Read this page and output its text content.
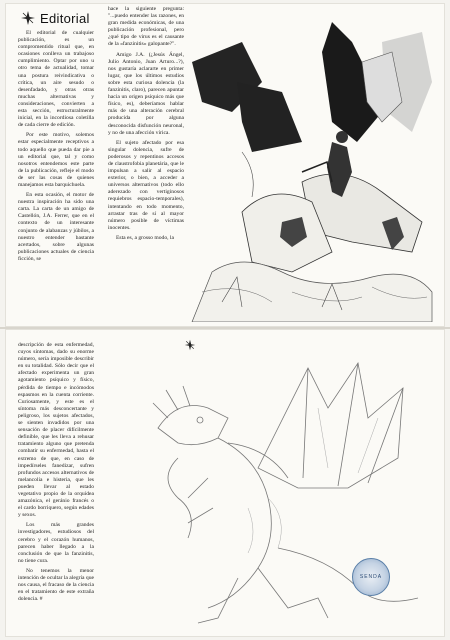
Editorial

El editorial de cualquier publicación, es un compromentido ritual que, en ocasiones conlleva un trabajoso cumplimiento. Optar por uno u otro tema de actualidad, tomar una postura reivindicativa o crítica, un aire sesudo o desenfadado, y otras otras muchas alternativas y consideraciones, convierten a esta sección, estructuralmente inicial, en la incordiosa coletilla de cada cierre de edición.

Por este motivo, solemos estar especialmente receptivos a todo aquello que pueda dar pie a un editorial que, tal y como nosotros entendemos este parte de la publicación, refleje el modo de ser las cosas de quienes manejamos esta barquichuela.

En esta ocasión, el motor de nuestra inspiración ha sido una carta. La carta de un amigo de Castellón, J.A. Ferrer, que en el contexto de un interesante conjunto de alabanzas y júbilos, a nuestro entender bastante acertados, sobre algunas publicaciones actuales de ciencia ficción, se

hace la siguiente pregunta: "...puedo entender las razones, en gran medida económicas, de una publicación profesional, pero ¿qué tipo de virus es el causante de la «fanzinitis» galopante?".

Amigo J.A. (¿Jesús Ángel, Julio Antonio, Juan Arturo...?), nos gustaría aclararte en primer lugar, que los últimos estudios sobre esta curiosa dolencia (la fanzinitis, claro), parecen apuntar hacia un origen psíquico más que físico, es), deberíamos hablar más de una alteración cerebral producida por alguna desconocida disfunción neuronal, y no de una afección vírica.

El sujeto afectado por esa singular dolencia, sufre de poderosos y repentinos accesos de claustrofobia planetária, que le impulsan a salir al espacio exterior, o bien, a acceder a universos alternativos (todo ello aderezado con vertiginosos requiebros espacio-temporales), intentando en todo momento, arrastar tras de sí al mayor número posible de víctimas inocentes.

Esta es, a grosso modo, la

descripción de esta enfermedad, cuyos síntomas, dado su enorme número, sería imposible describir en su totalidad. Sólo decir que el afectado experimenta un gran agotamiento psíquico y físico, pérdida de tiempo e incómodos espasmos en la cuenta corriente. Curiosamente, y este es el síntoma más desconcertante y peligroso, los sujetos afectados, se sienten invadidos por una sensación de placer difícilmente definible, que les lleva a rehusar tratamiento alguno que pretenda combatir su enfermedad, hasta el extremo de que, en caso de impedírseles fanedizar, sufren profundos accesos alternativos de melancolía e histeria, que les pueden llevar al estado vegetativo propio de la orquídea amazónica, el geránio francés o el cardo borriquero, según edades y sexos.

Los más grandes investigadores, estudiosos del cerebro y el corazón humanos, parecen haber llegado a la conclusión de que la fanzinitis, no tiene cura.

No tenemos la menor intención de ocultar la alegría que nos causa, el fracaso de la ciencia en el tratamiento de este extraña dolencia. #

SENDA
